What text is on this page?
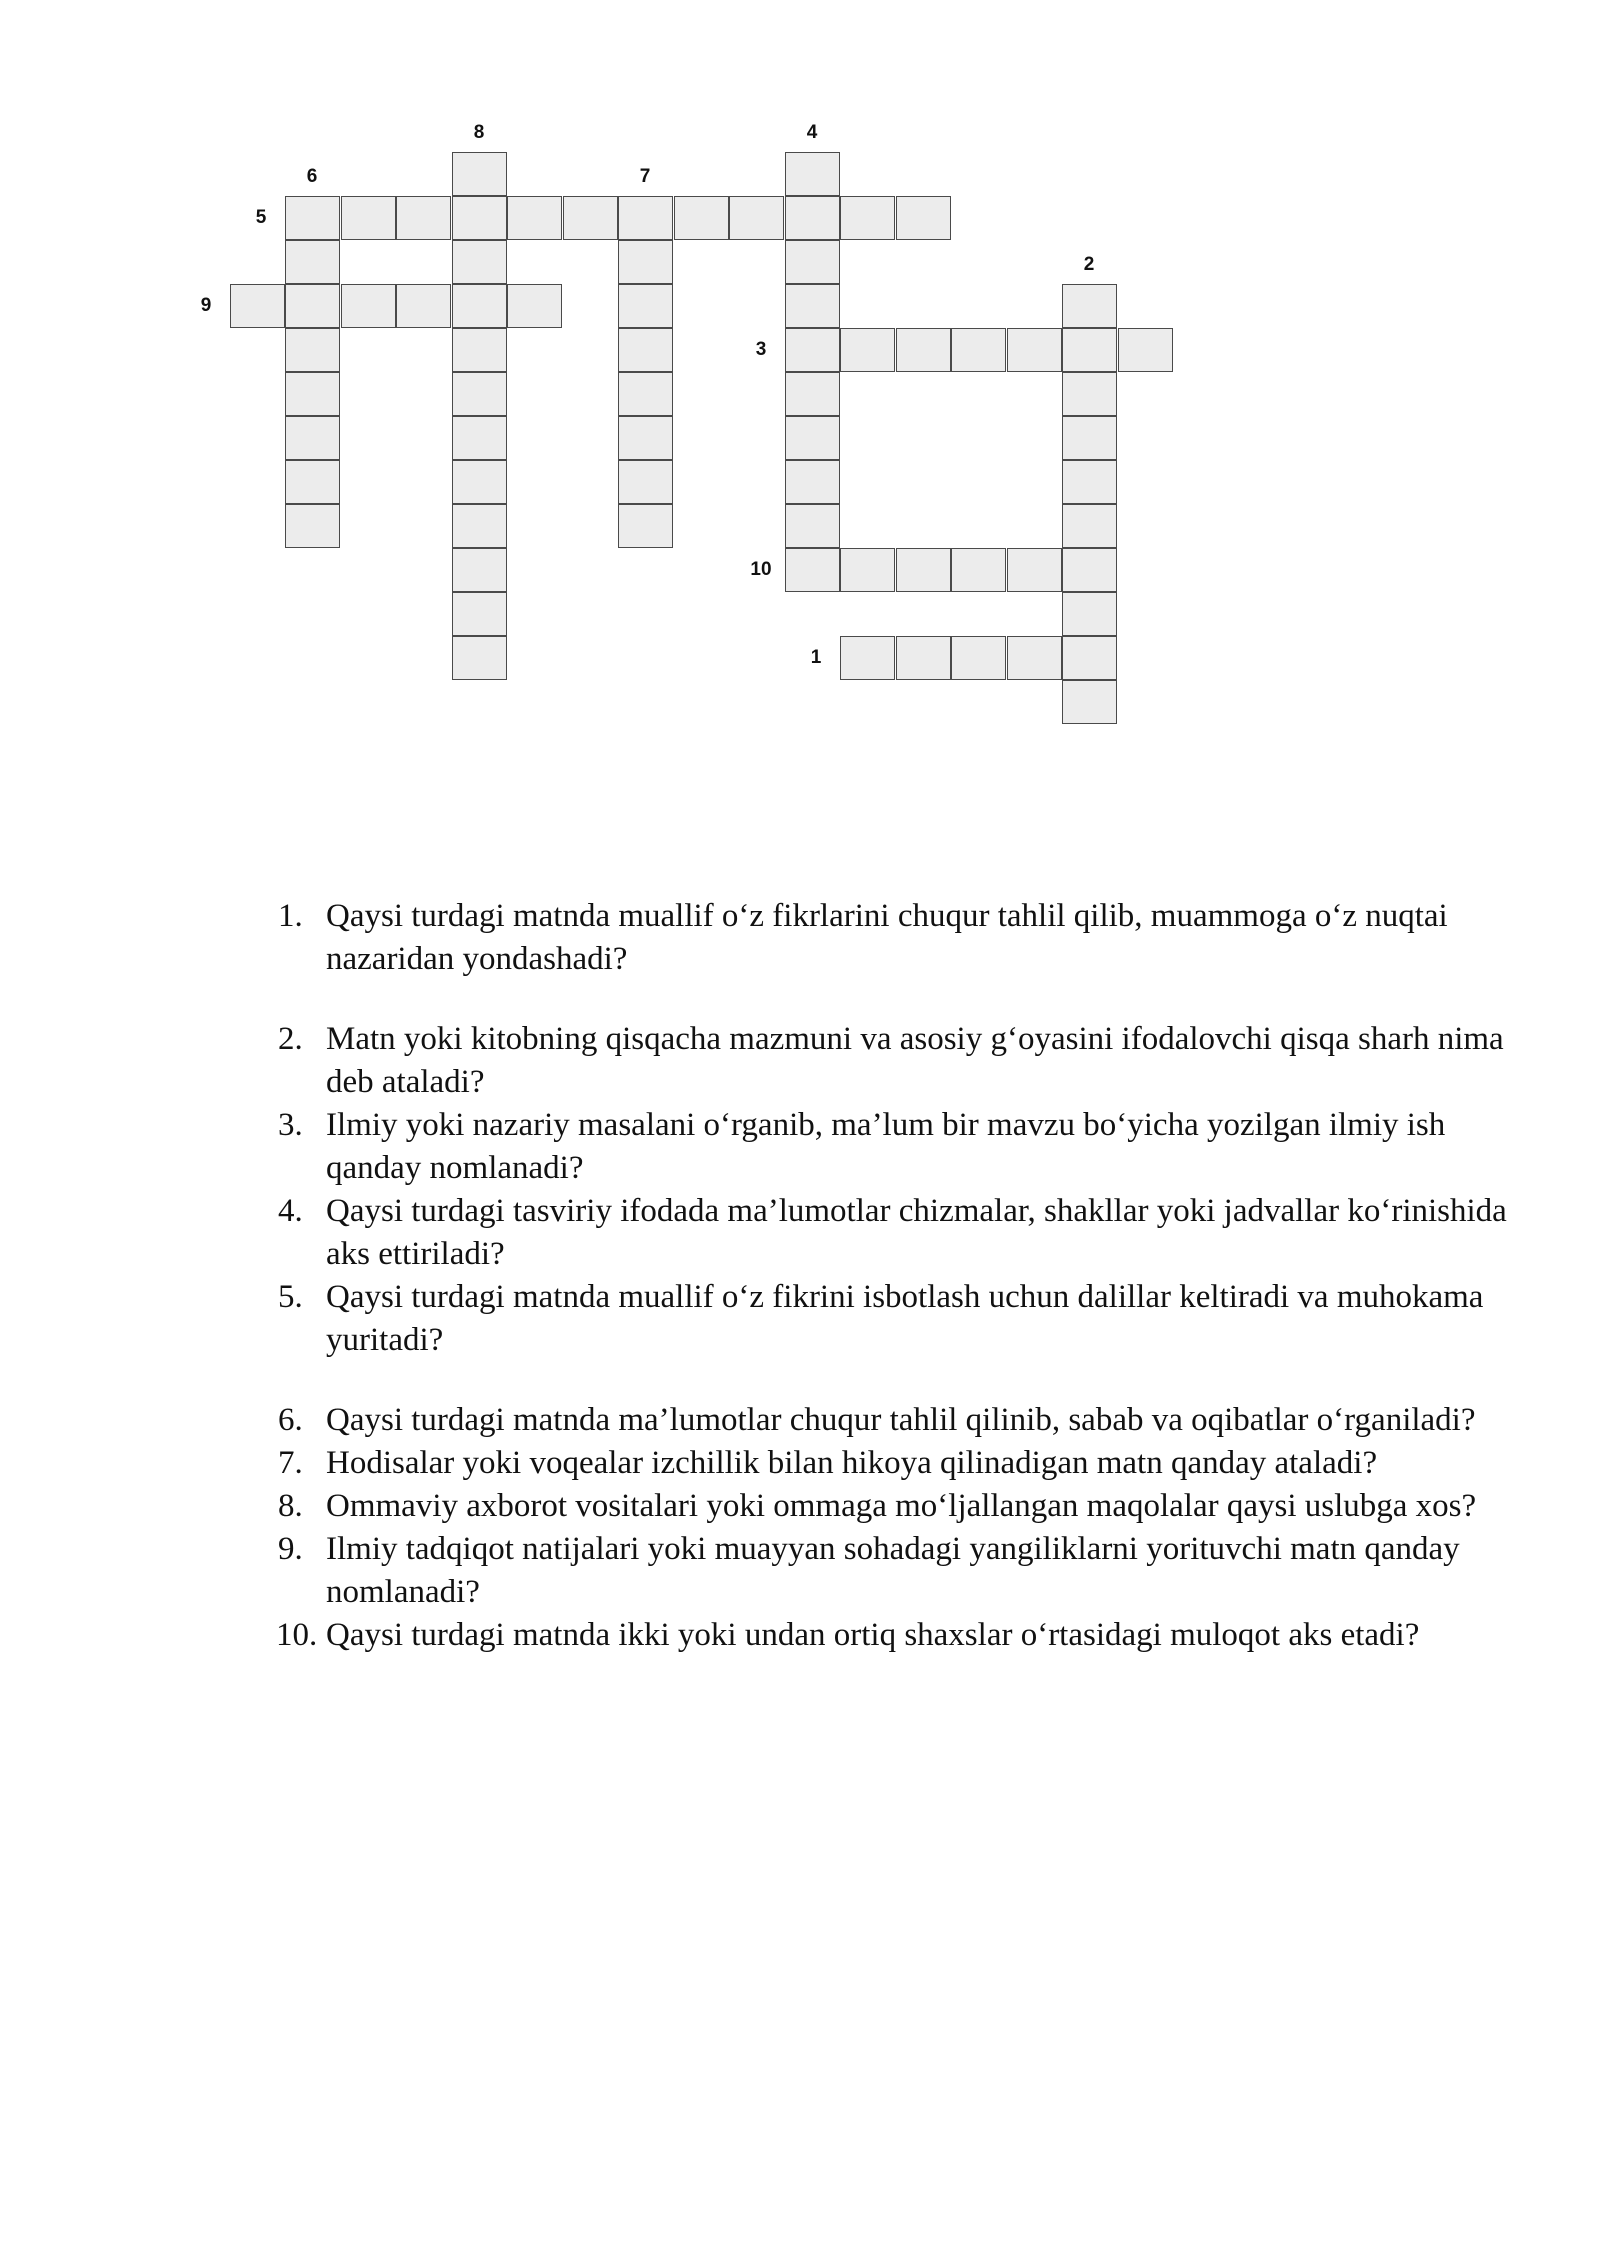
1
2
3
4
5
6	7
8
9
10
1. Qaysi turdagi matnda muallif o‘z fikrlarini chuqur tahlil qilib, muammoga o‘z nuqtai nazaridan yondashadi?
2. Matn yoki kitobning qisqacha mazmuni va asosiy g‘oyasini ifodalovchi qisqa sharh nima deb ataladi?
3. Ilmiy yoki nazariy masalani o‘rganib, ma’lum bir mavzu bo‘yicha yozilgan ilmiy ish qanday nomlanadi?
4. Qaysi turdagi tasviriy ifodada ma’lumotlar chizmalar, shakllar yoki jadvallar ko‘rinishida aks ettiriladi?
5. Qaysi turdagi matnda muallif o‘z fikrini isbotlash uchun dalillar keltiradi va muhokama yuritadi?
6. Qaysi turdagi matnda ma’lumotlar chuqur tahlil qilinib, sabab va oqibatlar o‘rganiladi?
7. Hodisalar yoki voqealar izchillik bilan hikoya qilinadigan matn qanday ataladi?
8. Ommaviy axborot vositalari yoki ommaga mo‘ljallangan maqolalar qaysi uslubga xos?
9. Ilmiy tadqiqot natijalari yoki muayyan sohadagi yangiliklarni yorituvchi matn qanday nomlanadi?
10. Qaysi turdagi matnda ikki yoki undan ortiq shaxslar o‘rtasidagi muloqot aks etadi?
